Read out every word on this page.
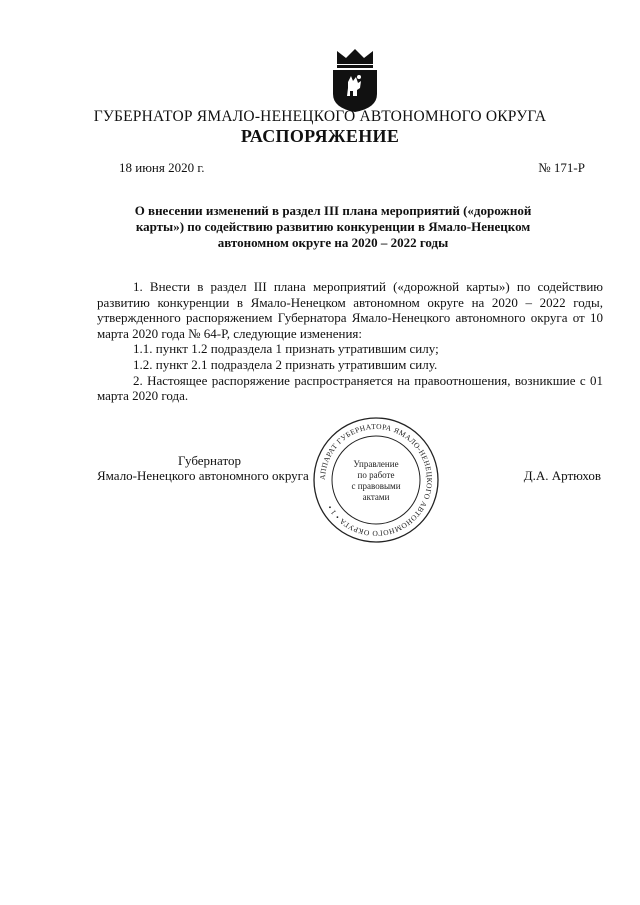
ГУБЕРНАТОР ЯМАЛО-НЕНЕЦКОГО АВТОНОМНОГО ОКРУГА
РАСПОРЯЖЕНИЕ
18 июня 2020 г.	№ 171-Р
О внесении изменений в раздел III плана мероприятий («дорожной карты») по содействию развитию конкуренции в Ямало-Ненецком автономном округе на 2020 – 2022 годы

1. Внести в раздел III плана мероприятий («дорожной карты») по содействию развитию конкуренции в Ямало-Ненецком автономном округе на 2020 – 2022 годы, утвержденного распоряжением Губернатора Ямало-Ненецкого автономного округа от 10 марта 2020 года № 64-Р, следующие изменения:

1.1. пункт 1.2 подраздела 1 признать утратившим силу;

1.2. пункт 2.1 подраздела 2 признать утратившим силу.

2. Настоящее распоряжение распространяется на правоотношения, возникшие с 01 марта 2020 года.

Губернатор
Ямало-Ненецкого автономного округа	Д.А. Артюхов
АППАРАТ ГУБЕРНАТОРА ЯМАЛО-НЕНЕЦКОГО АВТОНОМНОГО ОКРУГА • 1 •
Управление
по работе
с правовыми
актами
